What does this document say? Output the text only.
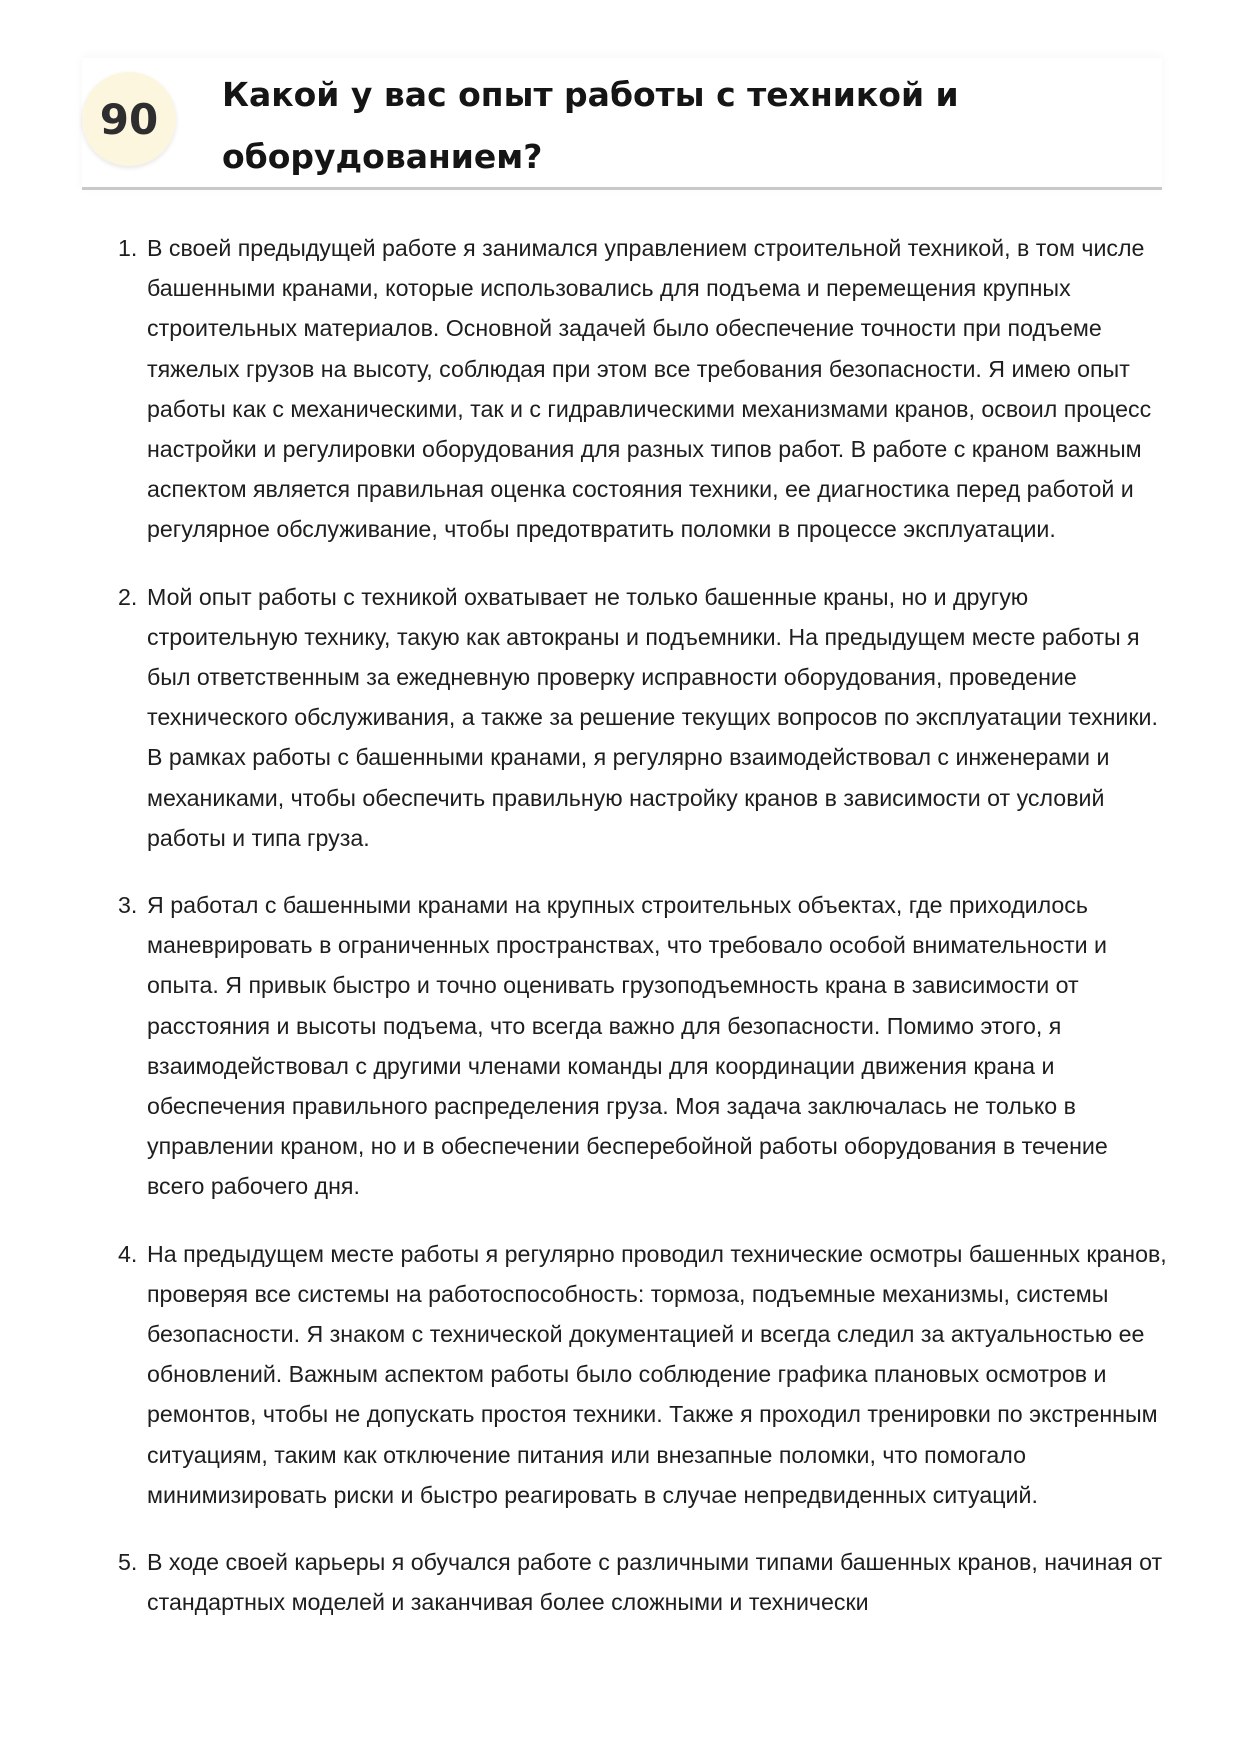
90	Какой у вас опыт работы с техникой и оборудованием?
1. В своей предыдущей работе я занимался управлением строительной техникой, в том числе башенными кранами, которые использовались для подъема и перемещения крупных строительных материалов. Основной задачей было обеспечение точности при подъеме тяжелых грузов на высоту, соблюдая при этом все требования безопасности. Я имею опыт работы как с механическими, так и с гидравлическими механизмами кранов, освоил процесс настройки и регулировки оборудования для разных типов работ. В работе с краном важным аспектом является правильная оценка состояния техники, ее диагностика перед работой и регулярное обслуживание, чтобы предотвратить поломки в процессе эксплуатации.
2. Мой опыт работы с техникой охватывает не только башенные краны, но и другую строительную технику, такую как автокраны и подъемники. На предыдущем месте работы я был ответственным за ежедневную проверку исправности оборудования, проведение технического обслуживания, а также за решение текущих вопросов по эксплуатации техники. В рамках работы с башенными кранами, я регулярно взаимодействовал с инженерами и механиками, чтобы обеспечить правильную настройку кранов в зависимости от условий работы и типа груза.
3. Я работал с башенными кранами на крупных строительных объектах, где приходилось маневрировать в ограниченных пространствах, что требовало особой внимательности и опыта. Я привык быстро и точно оценивать грузоподъемность крана в зависимости от расстояния и высоты подъема, что всегда важно для безопасности. Помимо этого, я взаимодействовал с другими членами команды для координации движения крана и обеспечения правильного распределения груза. Моя задача заключалась не только в управлении краном, но и в обеспечении бесперебойной работы оборудования в течение всего рабочего дня.
4. На предыдущем месте работы я регулярно проводил технические осмотры башенных кранов, проверяя все системы на работоспособность: тормоза, подъемные механизмы, системы безопасности. Я знаком с технической документацией и всегда следил за актуальностью ее обновлений. Важным аспектом работы было соблюдение графика плановых осмотров и ремонтов, чтобы не допускать простоя техники. Также я проходил тренировки по экстренным ситуациям, таким как отключение питания или внезапные поломки, что помогало минимизировать риски и быстро реагировать в случае непредвиденных ситуаций.
5. В ходе своей карьеры я обучался работе с различными типами башенных кранов, начиная от стандартных моделей и заканчивая более сложными и технически
